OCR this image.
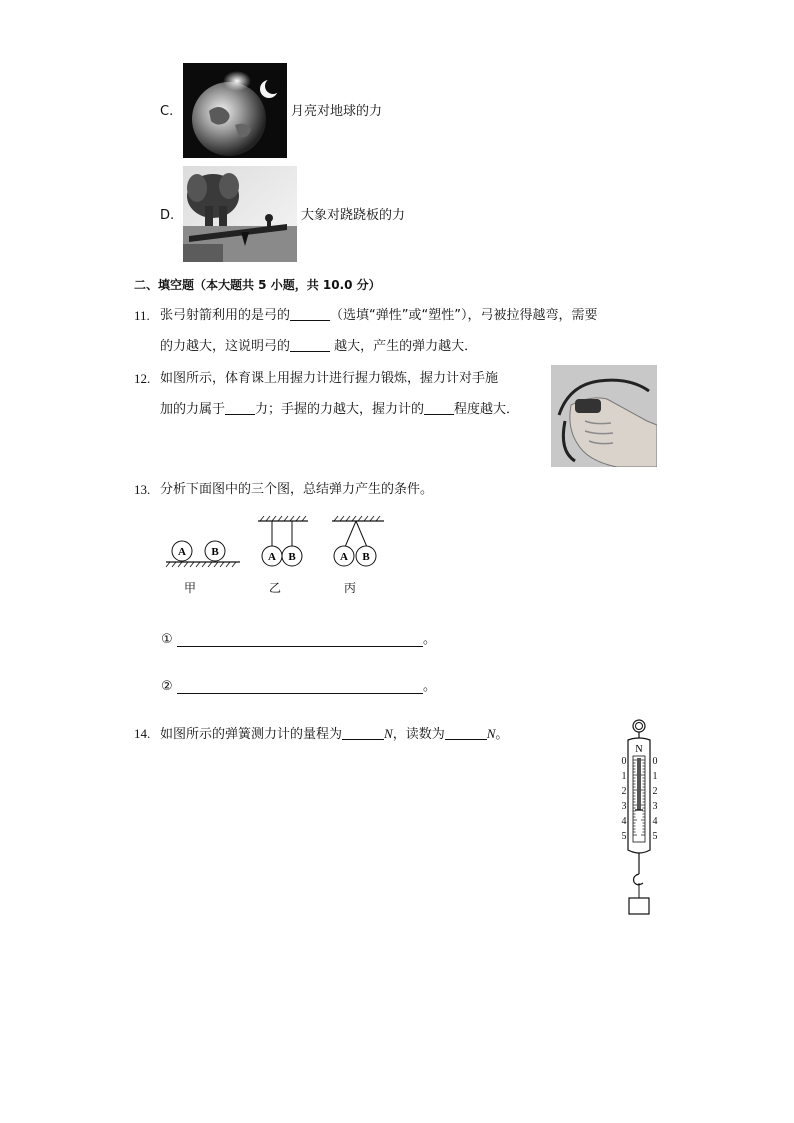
C.	月亮对地球的力
D.	大象对跷跷板的力
二、填空题（本大题共 5 小题，共 10.0 分）
11. 张弓射箭利用的是弓的	（选填“弹性”或“塑性”），弓被拉得越弯，需要
的力越大，这说明弓的	越大，产生的弹力越大．
12. 如图所示，体育课上用握力计进行握力锻炼，握力计对手施
加的力属于 力；手握的力越大，握力计的 程度越大．
13. 分析下面图中的三个图，总结弹力产生的条件。
A B	A B	A B
甲	乙	丙
①	。
②	。
14. 如图所示的弹簧测力计的量程为	N，读数为	N。
N
0
1
2
3
4
5
0
1
2
3
4
5
